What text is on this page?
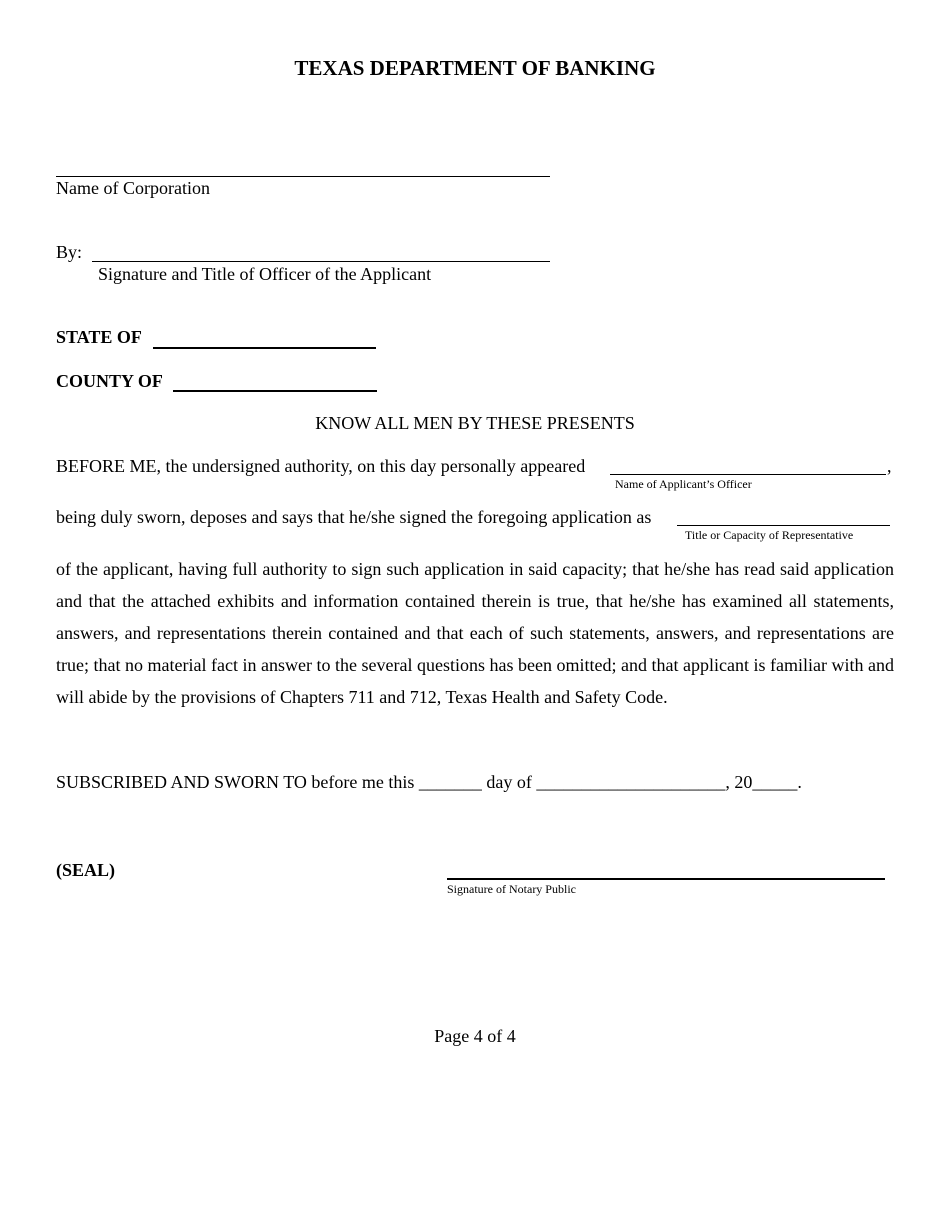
TEXAS DEPARTMENT OF BANKING
Name of Corporation
By:
Signature and Title of Officer of the Applicant
STATE OF
COUNTY OF
KNOW ALL MEN BY THESE PRESENTS
BEFORE ME, the undersigned authority, on this day personally appeared	,
Name of Applicant’s Officer
being duly sworn, deposes and says that he/she signed the foregoing application as
Title or Capacity of Representative

of the applicant, having full authority to sign such application in said capacity; that he/she has read said application and that the attached exhibits and information contained therein is true, that he/she has examined all statements, answers, and representations therein contained and that each of such statements, answers, and representations are true; that no material fact in answer to the several questions has been omitted; and that applicant is familiar with and will abide by the provisions of Chapters 711 and 712, Texas Health and Safety Code.

SUBSCRIBED AND SWORN TO before me this _______ day of _____________________, 20_____.
(SEAL)
Signature of Notary Public
Page 4 of 4
